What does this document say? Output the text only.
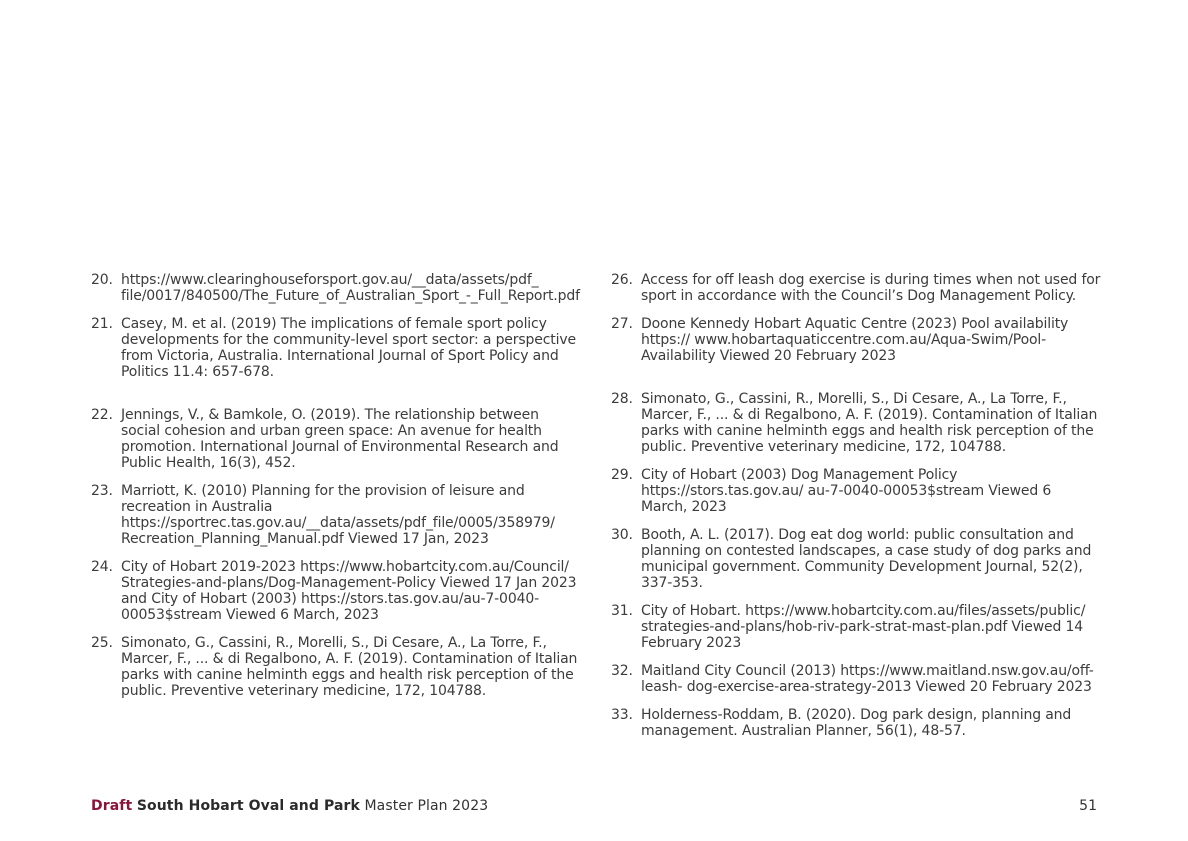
20. https://www.clearinghouseforsport.gov.au/__data/assets/pdf_ file/0017/840500/The_Future_of_Australian_Sport_-_Full_Report.pdf
21. Casey, M. et al. (2019) The implications of female sport policy developments for the community-level sport sector: a perspective from Victoria, Australia. International Journal of Sport Policy and Politics 11.4: 657-678.
22. Jennings, V., & Bamkole, O. (2019). The relationship between social cohesion and urban green space: An avenue for health promotion. International Journal of Environmental Research and Public Health, 16(3), 452.
23. Marriott, K. (2010) Planning for the provision of leisure and recreation in Australia https://sportrec.tas.gov.au/__data/assets/pdf_file/0005/358979/ Recreation_Planning_Manual.pdf Viewed 17 Jan, 2023
24. City of Hobart 2019-2023 https://www.hobartcity.com.au/Council/ Strategies-and-plans/Dog-Management-Policy Viewed 17 Jan 2023 and City of Hobart (2003) https://stors.tas.gov.au/au-7-0040-00053$stream Viewed 6 March, 2023
25. Simonato, G., Cassini, R., Morelli, S., Di Cesare, A., La Torre, F., Marcer, F., ... & di Regalbono, A. F. (2019). Contamination of Italian parks with canine helminth eggs and health risk perception of the public. Preventive veterinary medicine, 172, 104788.
26. Access for off leash dog exercise is during times when not used for sport in accordance with the Council’s Dog Management Policy.
27. Doone Kennedy Hobart Aquatic Centre (2023) Pool availability https:// www.hobartaquaticcentre.com.au/Aqua-Swim/Pool-Availability Viewed 20 February 2023
28. Simonato, G., Cassini, R., Morelli, S., Di Cesare, A., La Torre, F., Marcer, F., ... & di Regalbono, A. F. (2019). Contamination of Italian parks with canine helminth eggs and health risk perception of the public. Preventive veterinary medicine, 172, 104788.
29. City of Hobart (2003) Dog Management Policy https://stors.tas.gov.au/ au-7-0040-00053$stream Viewed 6 March, 2023
30. Booth, A. L. (2017). Dog eat dog world: public consultation and planning on contested landscapes, a case study of dog parks and municipal government. Community Development Journal, 52(2), 337-353.
31. City of Hobart. https://www.hobartcity.com.au/files/assets/public/ strategies-and-plans/hob-riv-park-strat-mast-plan.pdf Viewed 14 February 2023
32. Maitland City Council (2013) https://www.maitland.nsw.gov.au/off-leash- dog-exercise-area-strategy-2013 Viewed 20 February 2023
33. Holderness-Roddam, B. (2020). Dog park design, planning and management. Australian Planner, 56(1), 48-57.
Draft South Hobart Oval and Park Master Plan 2023	51
